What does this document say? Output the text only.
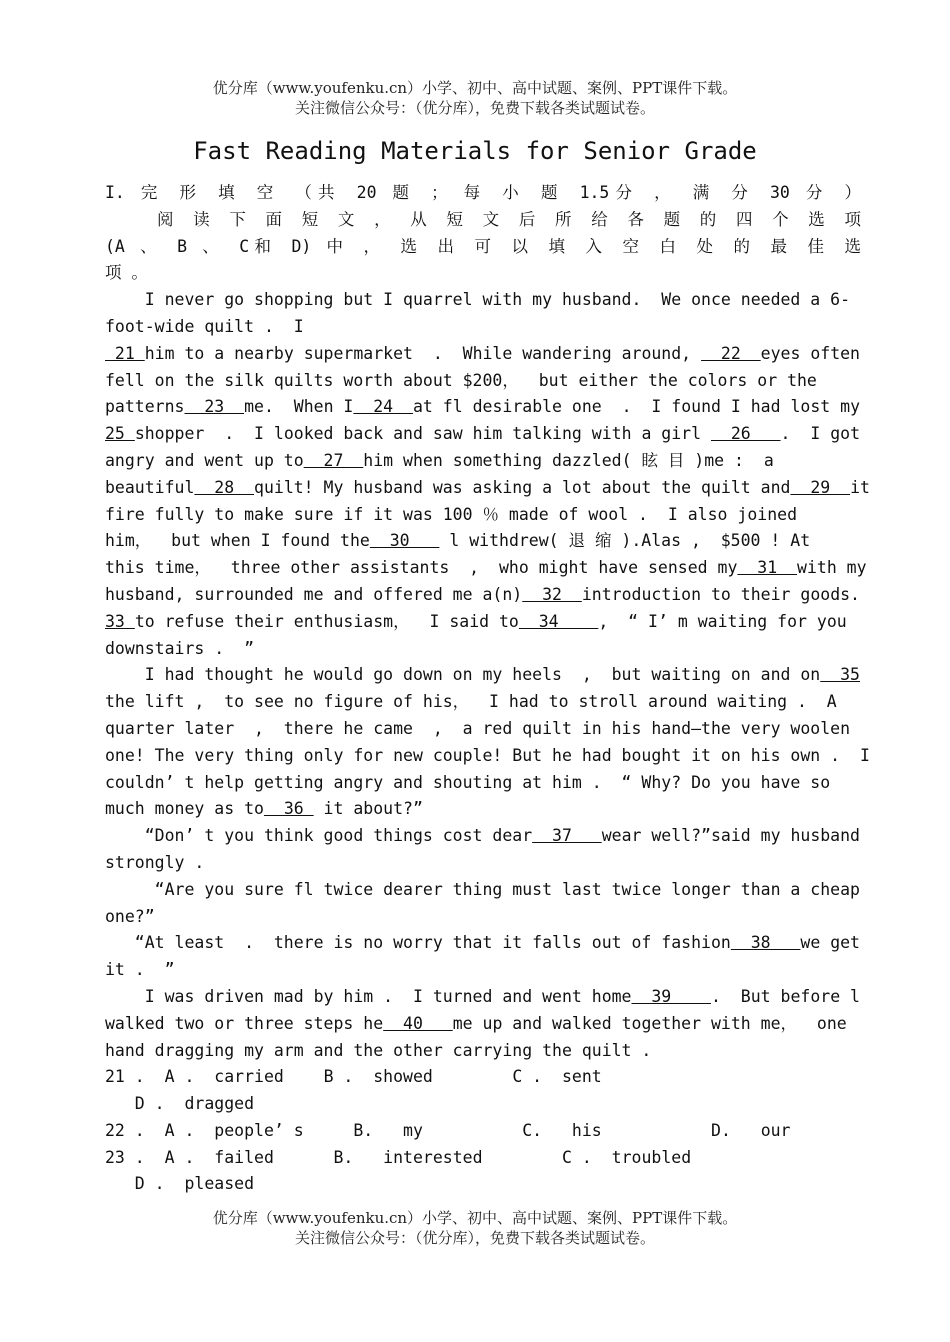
优分库（www.youfenku.cn）小学、初中、高中试题、案例、PPT课件下载。
关注微信公众号：（优分库），免费下载各类试题试卷。
Fast Reading Materials for Senior Grade
I. 完 形 填 空 （共 20 题 ； 每 小 题 1.5分 ， 满 分 30 分 ）
阅 读 下 面 短 文 ， 从 短 文 后 所 给 各 题 的 四 个 选 项
(A 、 B 、 C和 D) 中 ， 选 出 可 以 填 入 空 白 处 的 最 佳 选
项 。
I never go shopping but I quarrel with my husband.  We once needed a 6-
foot-wide quilt .  I
21 him to a nearby supermarket  .  While wandering around,   22  eyes often
fell on the silk quilts worth about $200，  but either the colors or the
patterns  23  me.  When I  24  at fl desirable one  .  I found I had lost my
25 shopper  .  I looked back and saw him talking with a girl   26   .  I got
angry and went up to  27  him when something dazzled( 眩 目 )me :  a
beautiful  28  quilt! My husband was asking a lot about the quilt and  29  it
fire fully to make sure if it was 100 ％ made of wool .  I also joined
him，  but when I found the  30    l withdrew( 退 缩 ).Alas ,  $500 ! At
this time，  three other assistants  ,  who might have sensed my  31  with my
husband, surrounded me and offered me a(n)  32  introduction to their goods.
33 to refuse their enthusiasm，  I said to  34    ,  “ I’ m waiting for you
downstairs .  ”
I had thought he would go down on my heels  ,  but waiting on and on  35
the lift ,  to see no figure of his，  I had to stroll around waiting .  A
quarter later  ,  there he came  ,  a red quilt in his hand—the very woolen
one! The very thing only for new couple! But he had bought it on his own .  I
couldn’ t help getting angry and shouting at him .  “ Why? Do you have so
much money as to  36  it about?”
“Don’ t you think good things cost dear  37   wear well?”said my husband
strongly .
“Are you sure fl twice dearer thing must last twice longer than a cheap
one?”
“At least  .  there is no worry that it falls out of fashion  38   we get
it .  ”
I was driven mad by him .  I turned and went home  39    .  But before l
walked two or three steps he  40   me up and walked together with me，  one
hand dragging my arm and the other carrying the quilt .
21 .  A .  carried    B .  showed        C .  sent
D .  dragged
22 .  A .  people’ s     B.   my          C.   his           D.   our
23 .  A .  failed      B.   interested        C .  troubled
D .  pleased
优分库（www.youfenku.cn）小学、初中、高中试题、案例、PPT课件下载。
关注微信公众号：（优分库），免费下载各类试题试卷。
